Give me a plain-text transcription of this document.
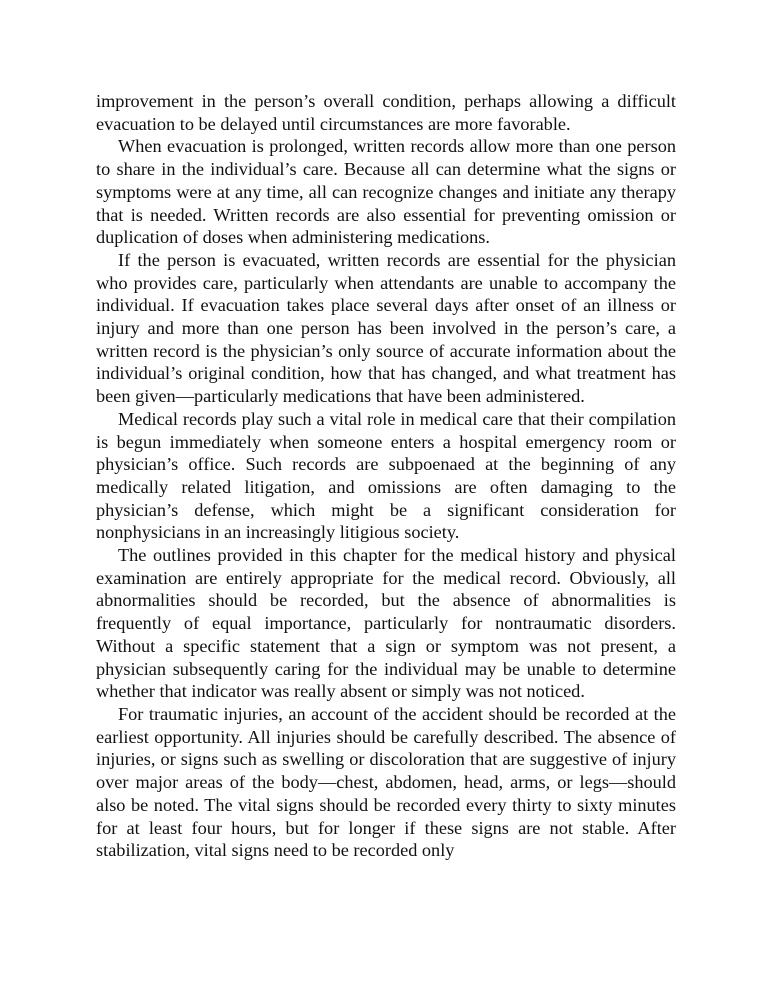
improvement in the person’s overall condition, perhaps allowing a difficult evacuation to be delayed until circumstances are more favorable.

When evacuation is prolonged, written records allow more than one person to share in the individual’s care. Because all can determine what the signs or symptoms were at any time, all can recognize changes and initiate any therapy that is needed. Written records are also essential for preventing omission or duplication of doses when administering medications.

If the person is evacuated, written records are essential for the physician who provides care, particularly when attendants are unable to accompany the individual. If evacuation takes place several days after onset of an illness or injury and more than one person has been involved in the person’s care, a written record is the physician’s only source of accurate information about the individual’s original condition, how that has changed, and what treatment has been given—particularly medications that have been administered.

Medical records play such a vital role in medical care that their compilation is begun immediately when someone enters a hospital emergency room or physician’s office. Such records are subpoenaed at the beginning of any medically related litigation, and omissions are often damaging to the physician’s defense, which might be a significant consideration for nonphysicians in an increasingly litigious society.

The outlines provided in this chapter for the medical history and physical examination are entirely appropriate for the medical record. Obviously, all abnormalities should be recorded, but the absence of abnormalities is frequently of equal importance, particularly for nontraumatic disorders. Without a specific statement that a sign or symptom was not present, a physician subsequently caring for the individual may be unable to determine whether that indicator was really absent or simply was not noticed.

For traumatic injuries, an account of the accident should be recorded at the earliest opportunity. All injuries should be carefully described. The absence of injuries, or signs such as swelling or discoloration that are suggestive of injury over major areas of the body—chest, abdomen, head, arms, or legs—should also be noted. The vital signs should be recorded every thirty to sixty minutes for at least four hours, but for longer if these signs are not stable. After stabilization, vital signs need to be recorded only
